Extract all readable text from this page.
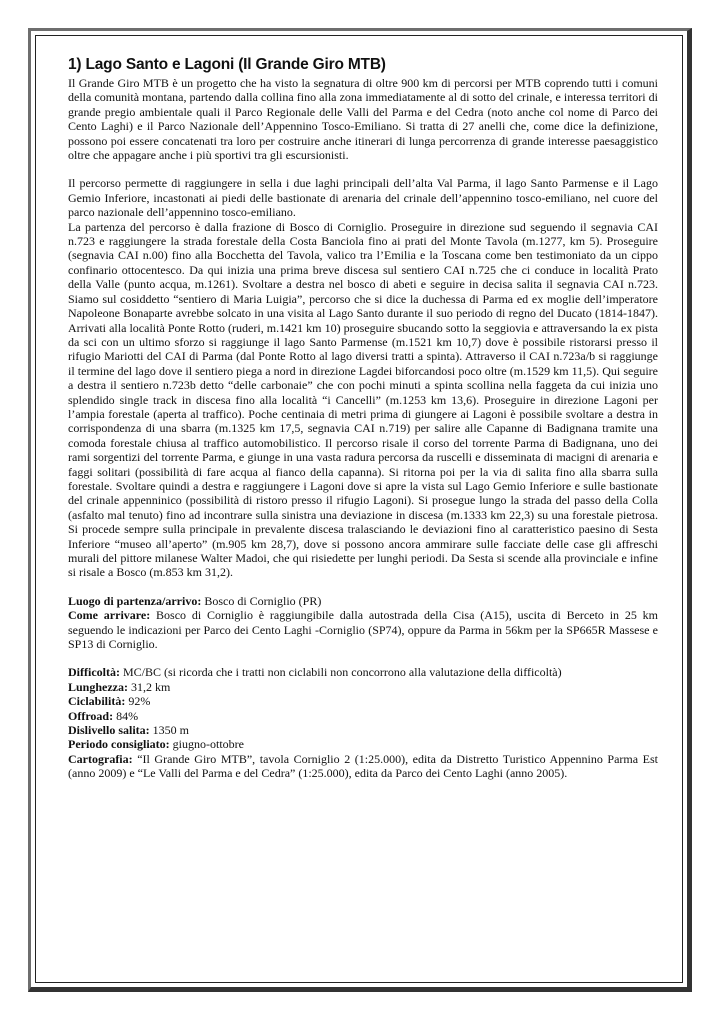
1) Lago Santo e Lagoni (Il Grande Giro MTB)

Il Grande Giro MTB è un progetto che ha visto la segnatura di oltre 900 km di percorsi per MTB coprendo tutti i comuni della comunità montana, partendo dalla collina fino alla zona immediatamente al di sotto del crinale, e interessa territori di grande pregio ambientale quali il Parco Regionale delle Valli del Parma e del Cedra (noto anche col nome di Parco dei Cento Laghi) e il Parco Nazionale dell’Appennino Tosco-Emiliano. Si tratta di 27 anelli che, come dice la definizione, possono poi essere concatenati tra loro per costruire anche itinerari di lunga percorrenza di grande interesse paesaggistico oltre che appagare anche i più sportivi tra gli escursionisti.

Il percorso permette di raggiungere in sella i due laghi principali dell’alta Val Parma, il lago Santo Parmense e il Lago Gemio Inferiore, incastonati ai piedi delle bastionate di arenaria del crinale dell’appennino tosco-emiliano, nel cuore del parco nazionale dell’appennino tosco-emiliano.

La partenza del percorso è dalla frazione di Bosco di Corniglio. Proseguire in direzione sud seguendo il segnavia CAI n.723 e raggiungere la strada forestale della Costa Banciola fino ai prati del Monte Tavola (m.1277, km 5). Proseguire (segnavia CAI n.00) fino alla Bocchetta del Tavola, valico tra l’Emilia e la Toscana come ben testimoniato da un cippo confinario ottocentesco. Da qui inizia una prima breve discesa sul sentiero CAI n.725 che ci conduce in località Prato della Valle (punto acqua, m.1261). Svoltare a destra nel bosco di abeti e seguire in decisa salita il segnavia CAI n.723. Siamo sul cosiddetto “sentiero di Maria Luigia”, percorso che si dice la duchessa di Parma ed ex moglie dell’imperatore Napoleone Bonaparte avrebbe solcato in una visita al Lago Santo durante il suo periodo di regno del Ducato (1814-1847). Arrivati alla località Ponte Rotto (ruderi, m.1421 km 10) proseguire sbucando sotto la seggiovia e attraversando la ex pista da sci con un ultimo sforzo si raggiunge il lago Santo Parmense (m.1521 km 10,7) dove è possibile ristorarsi presso il rifugio Mariotti del CAI di Parma (dal Ponte Rotto al lago diversi tratti a spinta). Attraverso il CAI n.723a/b si raggiunge il termine del lago dove il sentiero piega a nord in direzione Lagdei biforcandosi poco oltre (m.1529 km 11,5). Qui seguire a destra il sentiero n.723b detto “delle carbonaie” che con pochi minuti a spinta scollina nella faggeta da cui inizia uno splendido single track in discesa fino alla località “i Cancelli” (m.1253 km 13,6). Proseguire in direzione Lagoni per l’ampia forestale (aperta al traffico). Poche centinaia di metri prima di giungere ai Lagoni è possibile svoltare a destra in corrispondenza di una sbarra (m.1325 km 17,5, segnavia CAI n.719) per salire alle Capanne di Badignana tramite una comoda forestale chiusa al traffico automobilistico. Il percorso risale il corso del torrente Parma di Badignana, uno dei rami sorgentizi del torrente Parma, e giunge in una vasta radura percorsa da ruscelli e disseminata di macigni di arenaria e faggi solitari (possibilità di fare acqua al fianco della capanna). Si ritorna poi per la via di salita fino alla sbarra sulla forestale. Svoltare quindi a destra e raggiungere i Lagoni dove si apre la vista sul Lago Gemio Inferiore e sulle bastionate del crinale appenninico (possibilità di ristoro presso il rifugio Lagoni). Si prosegue lungo la strada del passo della Colla (asfalto mal tenuto) fino ad incontrare sulla sinistra una deviazione in discesa (m.1333 km 22,3) su una forestale pietrosa. Si procede sempre sulla principale in prevalente discesa tralasciando le deviazioni fino al caratteristico paesino di Sesta Inferiore “museo all’aperto” (m.905 km 28,7), dove si possono ancora ammirare sulle facciate delle case gli affreschi murali del pittore milanese Walter Madoi, che qui risiedette per lunghi periodi. Da Sesta si scende alla provinciale e infine si risale a Bosco (m.853 km 31,2).

Luogo di partenza/arrivo: Bosco di Corniglio (PR)

Come arrivare: Bosco di Corniglio è raggiungibile dalla autostrada della Cisa (A15), uscita di Berceto in 25 km seguendo le indicazioni per Parco dei Cento Laghi -Corniglio (SP74), oppure da Parma in 56km per la SP665R Massese e SP13 di Corniglio.

Difficoltà: MC/BC (si ricorda che i tratti non ciclabili non concorrono alla valutazione della difficoltà)

Lunghezza: 31,2 km

Ciclabilità: 92%

Offroad: 84%

Dislivello salita: 1350 m

Periodo consigliato: giugno-ottobre

Cartografia: “Il Grande Giro MTB”, tavola Corniglio 2 (1:25.000), edita da Distretto Turistico Appennino Parma Est (anno 2009) e “Le Valli del Parma e del Cedra” (1:25.000), edita da Parco dei Cento Laghi (anno 2005).
